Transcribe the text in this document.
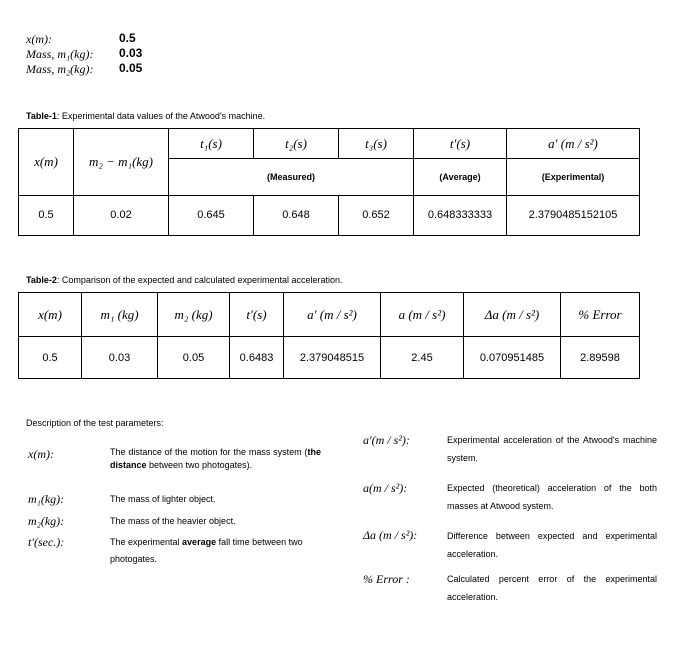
x(m):	0.5
Mass, m₁(kg): 0.03
Mass, m₂(kg): 0.05
Table-1: Experimental data values of the Atwood's machine.
x(m)	m₂ − m₁(kg)	t₁(s)	t₂(s)	t₃(s)	t′(s)	a′ (m / s²)
		(Measured)			(Average)	(Experimental)
0.5	0.02	0.645	0.648	0.652	0.648333333	2.3790485152105
Table-2: Comparison of the expected and calculated experimental acceleration.
x(m)	m₁ (kg)	m₂ (kg)	t′(s)	a′ (m / s²)	a (m / s²)	Δa (m / s²)	% Error
0.5	0.03	0.05	0.6483	2.379048515	2.45	0.070951485	2.89598
Description of the test parameters:
x(m):	The distance of the motion for the mass system (the distance between two photogates).
m₁(kg):	The mass of lighter object.
m₂(kg):	The mass of the heavier object.
t′(sec.):	The experimental average fall time between two photogates.
a′(m / s²):	Experimental acceleration of the Atwood's machine system.
a(m / s²):	Expected (theoretical) acceleration of the both masses at Atwood system.
Δa (m / s²):	Difference between expected and experimental acceleration.
% Error :	Calculated percent error of the experimental acceleration.
